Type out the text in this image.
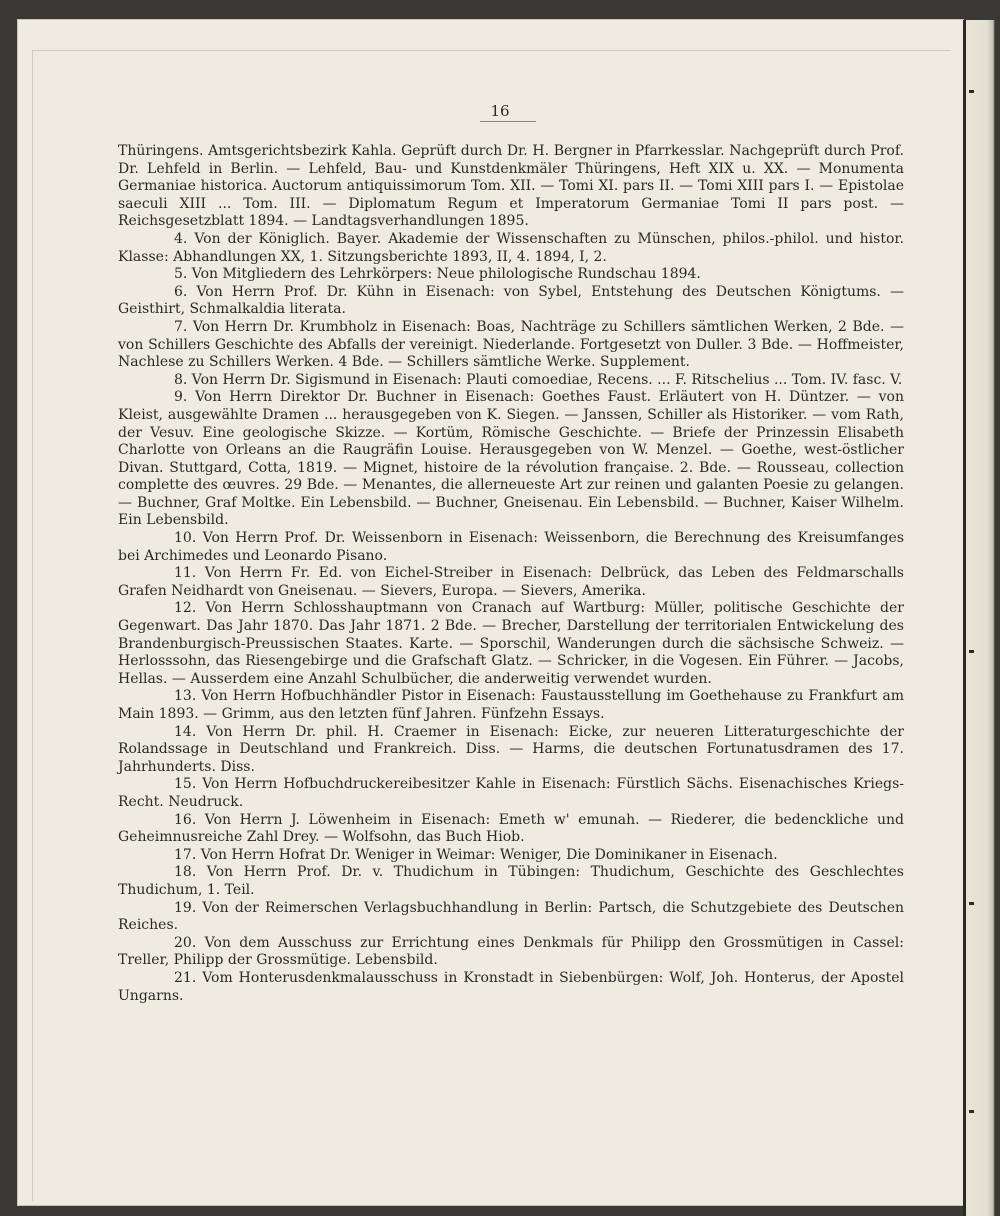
16

Thüringens. Amtsgerichtsbezirk Kahla. Geprüft durch Dr. H. Bergner in Pfarrkesslar. Nachgeprüft durch Prof. Dr. Lehfeld in Berlin. — Lehfeld, Bau- und Kunstdenkmäler Thüringens, Heft XIX u. XX. — Monumenta Germaniae historica. Auctorum antiquissimorum Tom. XII. — Tomi XI. pars II. — Tomi XIII pars I. — Epistolae saeculi XIII ... Tom. III. — Diplomatum Regum et Imperatorum Germaniae Tomi II pars post. — Reichsgesetzblatt 1894. — Landtagsverhandlungen 1895.

4. Von der Königlich. Bayer. Akademie der Wissenschaften zu Münschen, philos.-philol. und histor. Klasse: Abhandlungen XX, 1. Sitzungsberichte 1893, II, 4. 1894, I, 2.

5. Von Mitgliedern des Lehrkörpers: Neue philologische Rundschau 1894.

6. Von Herrn Prof. Dr. Kühn in Eisenach: von Sybel, Entstehung des Deutschen Königtums. — Geisthirt, Schmalkaldia literata.

7. Von Herrn Dr. Krumbholz in Eisenach: Boas, Nachträge zu Schillers sämtlichen Werken, 2 Bde. — von Schillers Geschichte des Abfalls der vereinigt. Niederlande. Fortgesetzt von Duller. 3 Bde. — Hoffmeister, Nachlese zu Schillers Werken. 4 Bde. — Schillers sämtliche Werke. Supplement.

8. Von Herrn Dr. Sigismund in Eisenach: Plauti comoediae, Recens. ... F. Ritschelius ... Tom. IV. fasc. V.

9. Von Herrn Direktor Dr. Buchner in Eisenach: Goethes Faust. Erläutert von H. Düntzer. — von Kleist, ausgewählte Dramen ... herausgegeben von K. Siegen. — Janssen, Schiller als Historiker. — vom Rath, der Vesuv. Eine geologische Skizze. — Kortüm, Römische Geschichte. — Briefe der Prinzessin Elisabeth Charlotte von Orleans an die Raugräfin Louise. Herausgegeben von W. Menzel. — Goethe, west-östlicher Divan. Stuttgard, Cotta, 1819. — Mignet, histoire de la révolution française. 2. Bde. — Rousseau, collection complette des œuvres. 29 Bde. — Menantes, die allerneueste Art zur reinen und galanten Poesie zu gelangen. — Buchner, Graf Moltke. Ein Lebensbild. — Buchner, Gneisenau. Ein Lebensbild. — Buchner, Kaiser Wilhelm. Ein Lebensbild.

10. Von Herrn Prof. Dr. Weissenborn in Eisenach: Weissenborn, die Berechnung des Kreisumfanges bei Archimedes und Leonardo Pisano.

11. Von Herrn Fr. Ed. von Eichel-Streiber in Eisenach: Delbrück, das Leben des Feldmarschalls Grafen Neidhardt von Gneisenau. — Sievers, Europa. — Sievers, Amerika.

12. Von Herrn Schlosshauptmann von Cranach auf Wartburg: Müller, politische Geschichte der Gegenwart. Das Jahr 1870. Das Jahr 1871. 2 Bde. — Brecher, Darstellung der territorialen Entwickelung des Brandenburgisch-Preussischen Staates. Karte. — Sporschil, Wanderungen durch die sächsische Schweiz. — Herlosssohn, das Riesengebirge und die Grafschaft Glatz. — Schricker, in die Vogesen. Ein Führer. — Jacobs, Hellas. — Ausserdem eine Anzahl Schulbücher, die anderweitig verwendet wurden.

13. Von Herrn Hofbuchhändler Pistor in Eisenach: Faustausstellung im Goethehause zu Frankfurt am Main 1893. — Grimm, aus den letzten fünf Jahren. Fünfzehn Essays.

14. Von Herrn Dr. phil. H. Craemer in Eisenach: Eicke, zur neueren Litteraturgeschichte der Rolandssage in Deutschland und Frankreich. Diss. — Harms, die deutschen Fortunatusdramen des 17. Jahrhunderts. Diss.

15. Von Herrn Hofbuchdruckereibesitzer Kahle in Eisenach: Fürstlich Sächs. Eisenachisches Kriegs-Recht. Neudruck.

16. Von Herrn J. Löwenheim in Eisenach: Emeth w' emunah. — Riederer, die bedenckliche und Geheimnusreiche Zahl Drey. — Wolfsohn, das Buch Hiob.

17. Von Herrn Hofrat Dr. Weniger in Weimar: Weniger, Die Dominikaner in Eisenach.

18. Von Herrn Prof. Dr. v. Thudichum in Tübingen: Thudichum, Geschichte des Geschlechtes Thudichum, 1. Teil.

19. Von der Reimerschen Verlagsbuchhandlung in Berlin: Partsch, die Schutzgebiete des Deutschen Reiches.

20. Von dem Ausschuss zur Errichtung eines Denkmals für Philipp den Grossmütigen in Cassel: Treller, Philipp der Grossmütige. Lebensbild.

21. Vom Honterusdenkmalausschuss in Kronstadt in Siebenbürgen: Wolf, Joh. Honterus, der Apostel Ungarns.
